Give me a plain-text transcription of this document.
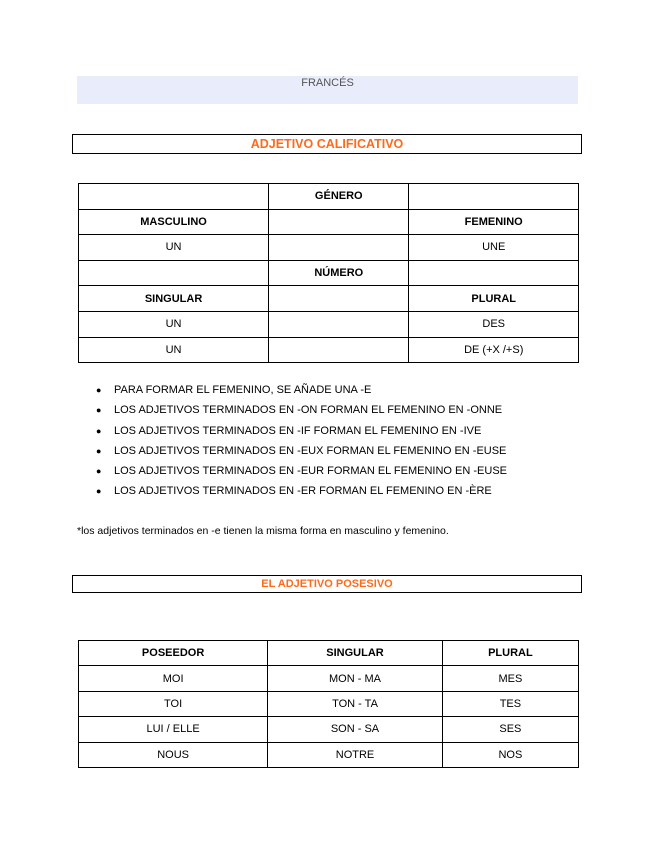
FRANCÉS
ADJETIVO CALIFICATIVO
	GÉNERO	
MASCULINO		FEMENINO
UN		UNE
	NÚMERO	
SINGULAR		PLURAL
UN		DES
UN		DE (+X /+S)
● PARA FORMAR EL FEMENINO, SE AÑADE UNA -E
● LOS ADJETIVOS TERMINADOS EN -ON FORMAN EL FEMENINO EN -ONNE
● LOS ADJETIVOS TERMINADOS EN -IF FORMAN EL FEMENINO EN -IVE
● LOS ADJETIVOS TERMINADOS EN -EUX FORMAN EL FEMENINO EN -EUSE
● LOS ADJETIVOS TERMINADOS EN -EUR FORMAN EL FEMENINO EN -EUSE
● LOS ADJETIVOS TERMINADOS EN -ER FORMAN EL FEMENINO EN -ÈRE
*los adjetivos terminados en -e tienen la misma forma en masculino y femenino.
EL ADJETIVO POSESIVO
POSEEDOR	SINGULAR	PLURAL
MOI	MON - MA	MES
TOI	TON - TA	TES
LUI / ELLE	SON - SA	SES
NOUS	NOTRE	NOS
